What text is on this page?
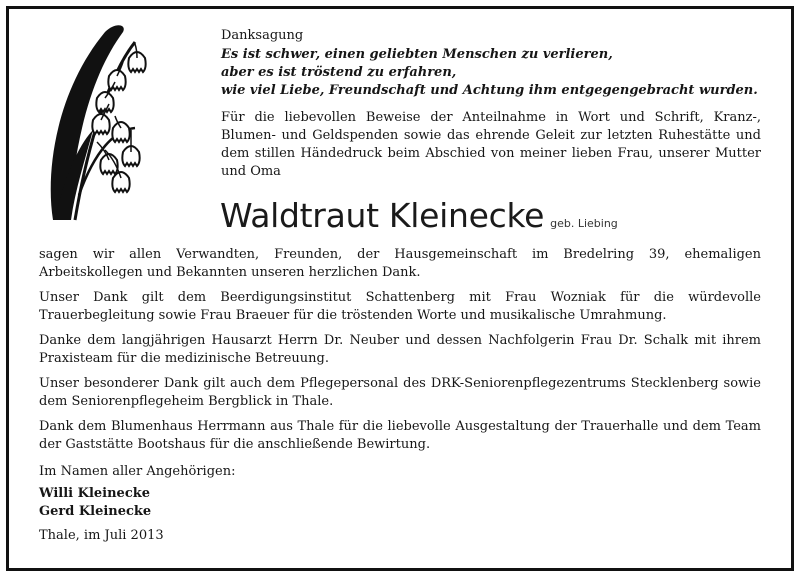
Danksagung
Es ist schwer, einen geliebten Menschen zu verlieren,
aber es ist tröstend zu erfahren,
wie viel Liebe, Freundschaft und Achtung ihm entgegengebracht wurden.
Für die liebevollen Beweise der Anteilnahme in Wort und Schrift, Kranz-, Blumen- und Geldspenden sowie das ehrende Geleit zur letzten Ruhestätte und dem stillen Händedruck beim Abschied von meiner lieben Frau, unserer Mutter und Oma
Waldtraut Kleinecke geb. Liebing

sagen wir allen Verwandten, Freunden, der Hausgemeinschaft im Bredelring 39, ehemaligen Arbeitskollegen und Bekannten unseren herzlichen Dank.

Unser Dank gilt dem Beerdigungsinstitut Schattenberg mit Frau Wozniak für die würdevolle Trauerbegleitung sowie Frau Braeuer für die tröstenden Worte und musikalische Umrahmung.

Danke dem langjährigen Hausarzt Herrn Dr. Neuber und dessen Nachfolgerin Frau Dr. Schalk mit ihrem Praxisteam für die medizinische Betreuung.

Unser besonderer Dank gilt auch dem Pflegepersonal des DRK-Seniorenpflegezentrums Stecklenberg sowie dem Seniorenpflegeheim Bergblick in Thale.

Dank dem Blumenhaus Herrmann aus Thale für die liebevolle Ausgestaltung der Trauerhalle und dem Team der Gaststätte Bootshaus für die anschließende Bewirtung.

Im Namen aller Angehörigen:
Willi Kleinecke
Gerd Kleinecke
Thale, im Juli 2013
